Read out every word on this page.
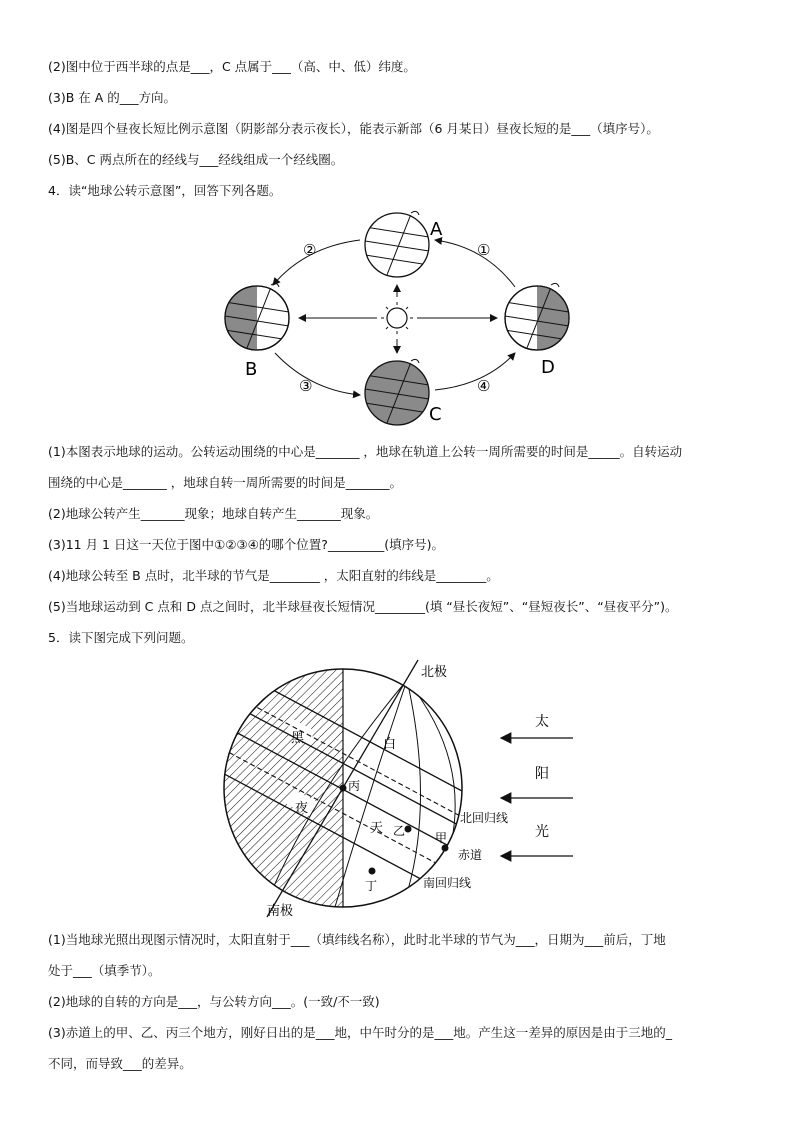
(2)图中位于西半球的点是___，C 点属于___（高、中、低）纬度。
(3)B 在 A 的___方向。
(4)图是四个昼夜长短比例示意图（阴影部分表示夜长），能表示新部（6 月某日）昼夜长短的是___（填序号）。
(5)B、C 两点所在的经线与___经线组成一个经线圈。
4．读“地球公转示意图”，回答下列各题。
A
B
C
D
②	①
③	④
(1)本图表示地球的运动。公转运动围绕的中心是_______ ，地球在轨道上公转一周所需要的时间是_____。自转运动
围绕的中心是_______ ，地球自转一周所需要的时间是_______。
(2)地球公转产生_______现象；地球自转产生_______现象。
(3)11 月 1 日这一天位于图中①②③④的哪个位置?_________(填序号)。
(4)地球公转至 B 点时，北半球的节气是________ ，太阳直射的纬线是________。
(5)当地球运动到 C 点和 D 点之间时，北半球昼夜长短情况________(填 “昼长夜短”、“昼短夜长”、“昼夜平分”)。
5．读下图完成下列问题。
北极
南极
黑
夜
白
天
丙
乙 甲
丁
北回归线
赤道
南回归线
太
阳
光
(1)当地球光照出现图示情况时，太阳直射于___（填纬线名称），此时北半球的节气为___，日期为___前后，丁地
处于___（填季节）。
(2)地球的自转的方向是___，与公转方向___。(一致/不一致)
(3)赤道上的甲、乙、丙三个地方，刚好日出的是___地，中午时分的是___地。产生这一差异的原因是由于三地的_
不同，而导致___的差异。
